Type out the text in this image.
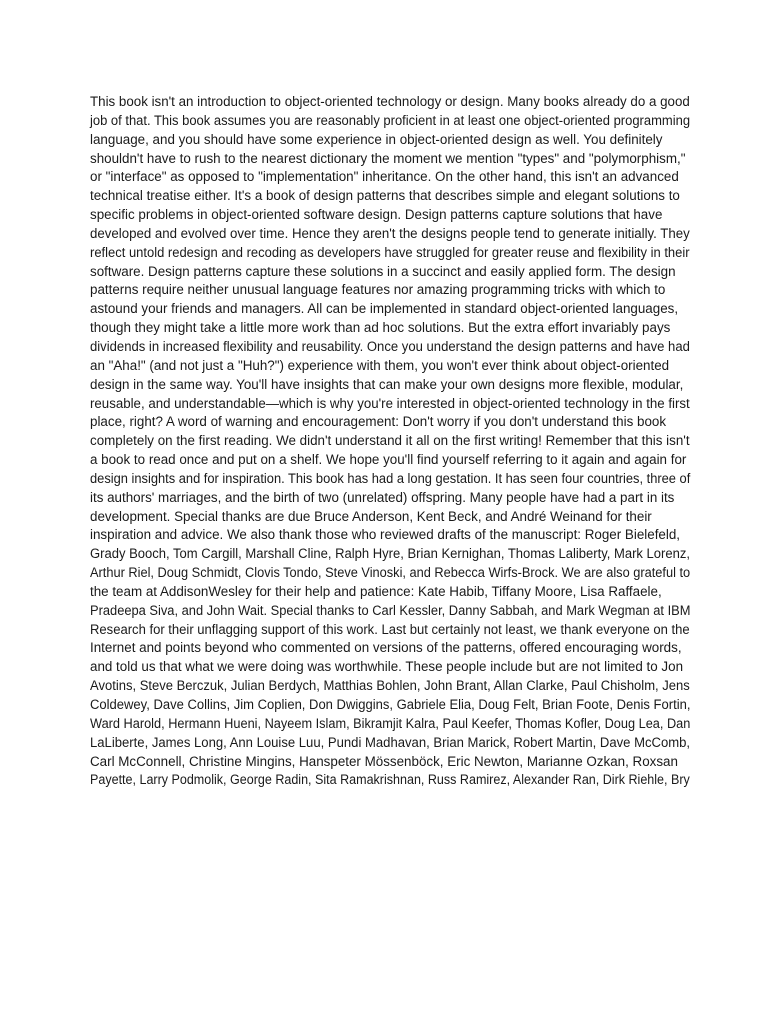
This book isn't an introduction to object-oriented technology or design. Many books already do a good
job of that. This book assumes you are reasonably proficient in at least one object-oriented programming
language, and you should have some experience in object-oriented design as well. You definitely
shouldn't have to rush to the nearest dictionary the moment we mention "types" and "polymorphism,"
or "interface" as opposed to "implementation" inheritance. On the other hand, this isn't an advanced
technical treatise either. It's a book of design patterns that describes simple and elegant solutions to
specific problems in object-oriented software design. Design patterns capture solutions that have
developed and evolved over time. Hence they aren't the designs people tend to generate initially. They
reflect untold redesign and recoding as developers have struggled for greater reuse and flexibility in their
software. Design patterns capture these solutions in a succinct and easily applied form. The design
patterns require neither unusual language features nor amazing programming tricks with which to
astound your friends and managers. All can be implemented in standard object-oriented languages,
though they might take a little more work than ad hoc solutions. But the extra effort invariably pays
dividends in increased flexibility and reusability. Once you understand the design patterns and have had
an "Aha!" (and not just a "Huh?") experience with them, you won't ever think about object-oriented
design in the same way. You'll have insights that can make your own designs more flexible, modular,
reusable, and understandable—which is why you're interested in object-oriented technology in the first
place, right? A word of warning and encouragement: Don't worry if you don't understand this book
completely on the first reading. We didn't understand it all on the first writing! Remember that this isn't
a book to read once and put on a shelf. We hope you'll find yourself referring to it again and again for
design insights and for inspiration. This book has had a long gestation. It has seen four countries, three of
its authors' marriages, and the birth of two (unrelated) offspring. Many people have had a part in its
development. Special thanks are due Bruce Anderson, Kent Beck, and André Weinand for their
inspiration and advice. We also thank those who reviewed drafts of the manuscript: Roger Bielefeld,
Grady Booch, Tom Cargill, Marshall Cline, Ralph Hyre, Brian Kernighan, Thomas Laliberty, Mark Lorenz,
Arthur Riel, Doug Schmidt, Clovis Tondo, Steve Vinoski, and Rebecca Wirfs-Brock. We are also grateful to
the team at AddisonWesley for their help and patience: Kate Habib, Tiffany Moore, Lisa Raffaele,
Pradeepa Siva, and John Wait. Special thanks to Carl Kessler, Danny Sabbah, and Mark Wegman at IBM
Research for their unflagging support of this work. Last but certainly not least, we thank everyone on the
Internet and points beyond who commented on versions of the patterns, offered encouraging words,
and told us that what we were doing was worthwhile. These people include but are not limited to Jon
Avotins, Steve Berczuk, Julian Berdych, Matthias Bohlen, John Brant, Allan Clarke, Paul Chisholm, Jens
Coldewey, Dave Collins, Jim Coplien, Don Dwiggins, Gabriele Elia, Doug Felt, Brian Foote, Denis Fortin,
Ward Harold, Hermann Hueni, Nayeem Islam, Bikramjit Kalra, Paul Keefer, Thomas Kofler, Doug Lea, Dan
LaLiberte, James Long, Ann Louise Luu, Pundi Madhavan, Brian Marick, Robert Martin, Dave McComb,
Carl McConnell, Christine Mingins, Hanspeter Mössenböck, Eric Newton, Marianne Ozkan, Roxsan
Payette, Larry Podmolik, George Radin, Sita Ramakrishnan, Russ Ramirez, Alexander Ran, Dirk Riehle, Bry
